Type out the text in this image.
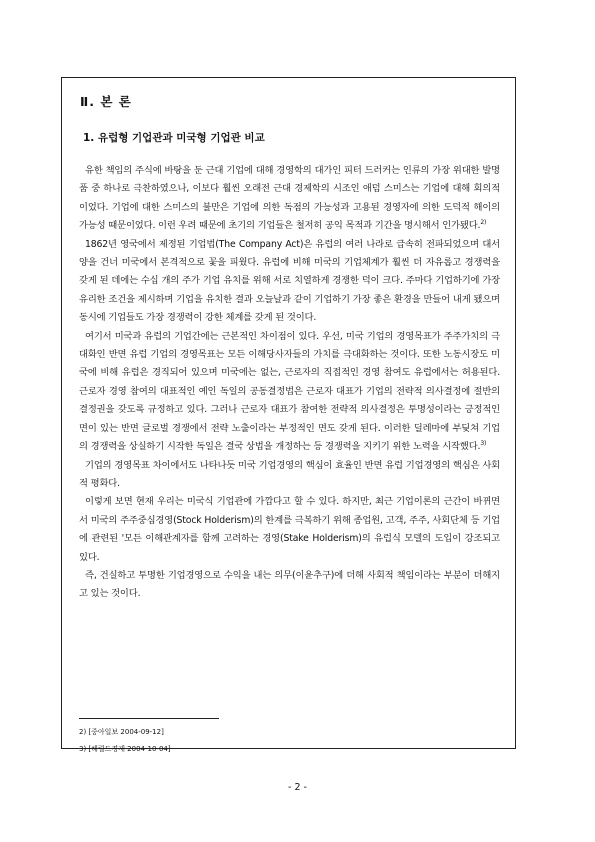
Ⅱ. 본 론
1. 유럽형 기업관과 미국형 기업관 비교

유한 책임의 주식에 바탕을 둔 근대 기업에 대해 경영학의 대가인 피터 드러커는 인류의 가장 위대한 발명품 중 하나로 극찬하였으나, 이보다 훨씬 오래전 근대 경제학의 시조인 애덤 스미스는 기업에 대해 회의적이었다. 기업에 대한 스미스의 불만은 기업에 의한 독점의 가능성과 고용된 경영자에 의한 도덕적 해이의 가능성 때문이었다. 이런 우려 때문에 초기의 기업들은 철저히 공익 목적과 기간을 명시해서 인가됐다.$^{2)}$

1862년 영국에서 제정된 기업법(The Company Act)은 유럽의 여러 나라로 급속히 전파되었으며 대서양을 건너 미국에서 본격적으로 꽃을 피웠다. 유럽에 비해 미국의 기업체계가 훨씬 더 자유롭고 경쟁력을 갖게 된 데에는 수십 개의 주가 기업 유치를 위해 서로 치열하게 경쟁한 덕이 크다. 주마다 기업하기에 가장 유리한 조건을 제시하며 기업을 유치한 결과 오늘날과 같이 기업하기 가장 좋은 환경을 만들어 내게 됐으며 동시에 기업들도 가장 경쟁력이 강한 체계를 갖게 된 것이다.

여기서 미국과 유럽의 기업간에는 근본적인 차이점이 있다. 우선, 미국 기업의 경영목표가 주주가치의 극대화인 반면 유럽 기업의 경영목표는 모든 이해당사자들의 가치를 극대화하는 것이다. 또한 노동시장도 미국에 비해 유럽은 경직되어 있으며 미국에는 없는, 근로자의 직접적인 경영 참여도 유럽에서는 허용된다. 근로자 경영 참여의 대표적인 예인 독일의 공동결정법은 근로자 대표가 기업의 전략적 의사결정에 절반의 결정권을 갖도록 규정하고 있다. 그러나 근로자 대표가 참여한 전략적 의사결정은 투명성이라는 긍정적인 면이 있는 반면 글로벌 경쟁에서 전략 노출이라는 부정적인 면도 갖게 된다. 이러한 딜레마에 부딪쳐 기업의 경쟁력을 상실하기 시작한 독일은 결국 상법을 개정하는 등 경쟁력을 지키기 위한 노력을 시작했다.$^{3)}$

기업의 경영목표 차이에서도 나타나듯 미국 기업경영의 핵심이 효율인 반면 유럽 기업경영의 핵심은 사회적 평화다.

이렇게 보면 현재 우리는 미국식 기업관에 가깝다고 할 수 있다. 하지만, 최근 기업이론의 근간이 바뀌면서 미국의 주주중심경영(Stock Holderism)의 한계를 극복하기 위해 종업원, 고객, 주주, 사회단체 등 기업에 관련된 '모든 이해관계자를 함께 고려하는 경영(Stake Holderism)의 유럽식 모델의 도입이 강조되고 있다.

즉, 건실하고 투명한 기업경영으로 수익을 내는 의무(이윤추구)에 더해 사회적 책임이라는 부분이 더해지고 있는 것이다.

2) [중아일보 2004-09-12]
3) [헤럴드경제 2004-10-04]
- 2 -
